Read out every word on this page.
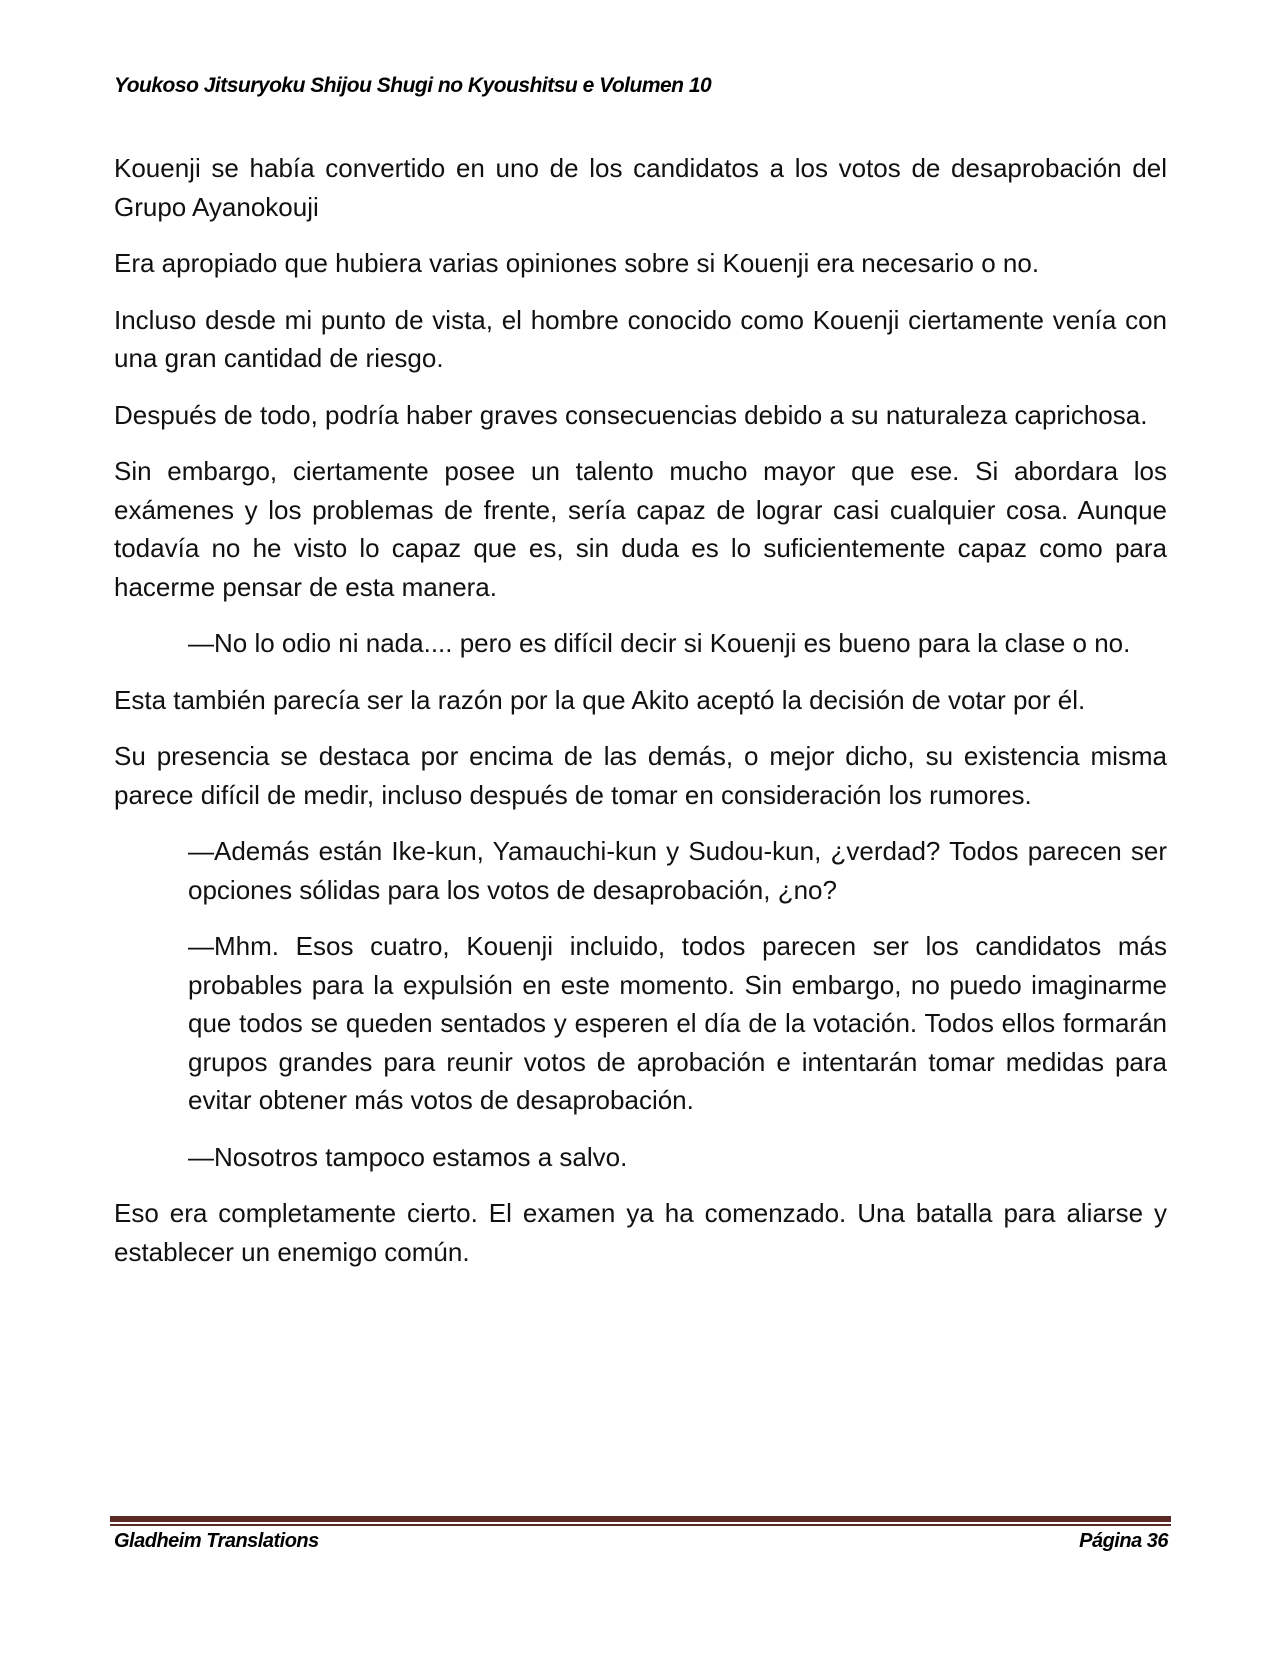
Youkoso Jitsuryoku Shijou Shugi no Kyoushitsu e Volumen 10

Kouenji se había convertido en uno de los candidatos a los votos de desaprobación del Grupo Ayanokouji

Era apropiado que hubiera varias opiniones sobre si Kouenji era necesario o no.

Incluso desde mi punto de vista, el hombre conocido como Kouenji ciertamente venía con una gran cantidad de riesgo.

Después de todo, podría haber graves consecuencias debido a su naturaleza caprichosa.

Sin embargo, ciertamente posee un talento mucho mayor que ese. Si abordara los exámenes y los problemas de frente, sería capaz de lograr casi cualquier cosa. Aunque todavía no he visto lo capaz que es, sin duda es lo suficientemente capaz como para hacerme pensar de esta manera.

—No lo odio ni nada.... pero es difícil decir si Kouenji es bueno para la clase o no.

Esta también parecía ser la razón por la que Akito aceptó la decisión de votar por él.

Su presencia se destaca por encima de las demás, o mejor dicho, su existencia misma parece difícil de medir, incluso después de tomar en consideración los rumores.

—Además están Ike-kun, Yamauchi-kun y Sudou-kun, ¿verdad? Todos parecen ser opciones sólidas para los votos de desaprobación, ¿no?

—Mhm. Esos cuatro, Kouenji incluido, todos parecen ser los candidatos más probables para la expulsión en este momento. Sin embargo, no puedo imaginarme que todos se queden sentados y esperen el día de la votación. Todos ellos formarán grupos grandes para reunir votos de aprobación e intentarán tomar medidas para evitar obtener más votos de desaprobación.

—Nosotros tampoco estamos a salvo.

Eso era completamente cierto. El examen ya ha comenzado. Una batalla para aliarse y establecer un enemigo común.

Gladheim Translations	Página 36
